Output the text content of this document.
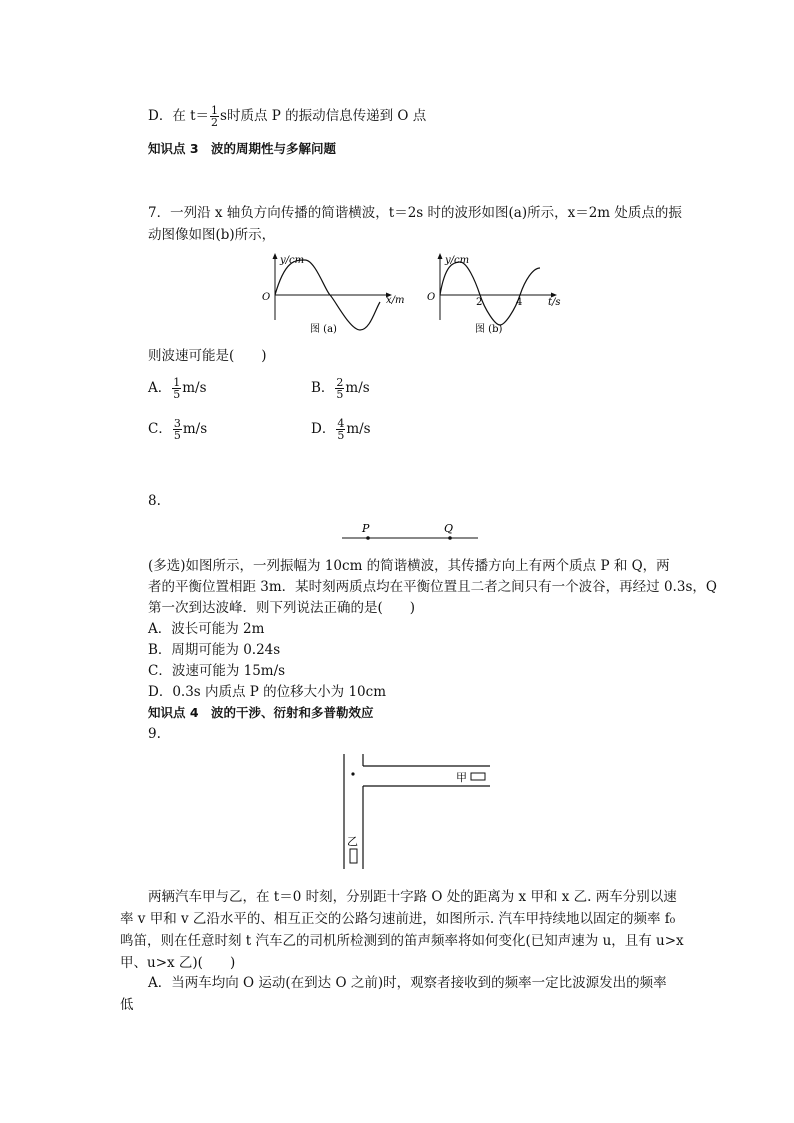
D．在 $t= \frac{1}{2}$ s时质点 P 的振动信息传递到 O 点
知识点 3　波的周期性与多解问题
7．一列沿 x 轴负方向传播的简谐横波，t＝2s 时的波形如图(a)所示，x＝2m 处质点的振
动图像如图(b)所示，
y/cm
O	x/m
图 (a)
y/cm
O	2	4	t/s
图 (b)
则波速可能是(　　)
A． $\frac{1}{5} m/s$	B． $\frac{2}{5} m/s$
C． $\frac{3}{5} m/s$	D． $\frac{4}{5} m/s$
8.
P	Q
(多选)如图所示，一列振幅为 10cm 的简谐横波，其传播方向上有两个质点 P 和 Q，两
者的平衡位置相距 3m．某时刻两质点均在平衡位置且二者之间只有一个波谷，再经过 0.3s，Q
第一次到达波峰．则下列说法正确的是(　　)
A．波长可能为 2m
B．周期可能为 0.24s
C．波速可能为 15m/s
D．0.3s 内质点 P 的位移大小为 10cm
知识点 4　波的干涉、衍射和多普勒效应
9.
甲
乙
两辆汽车甲与乙，在 t＝0 时刻，分别距十字路 O 处的距离为 x 甲和 x 乙. 两车分别以速
率 v 甲和 v 乙沿水平的、相互正交的公路匀速前进，如图所示. 汽车甲持续地以固定的频率 f₀
鸣笛，则在任意时刻 t 汽车乙的司机所检测到的笛声频率将如何变化(已知声速为 u，且有 u>x
甲、u>x 乙)(　　)
A．当两车均向 O 运动(在到达 O 之前)时，观察者接收到的频率一定比波源发出的频率
低
